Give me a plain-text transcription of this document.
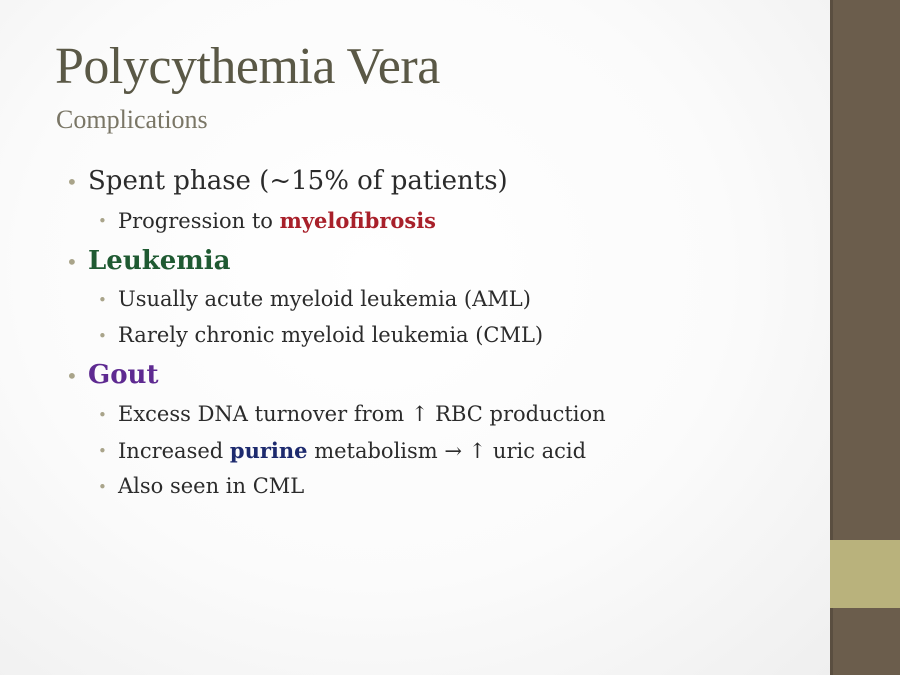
Polycythemia Vera
Complications
• Spent phase (~15% of patients)
• Progression to myelofibrosis
• Leukemia
• Usually acute myeloid leukemia (AML)
• Rarely chronic myeloid leukemia (CML)
• Gout
• Excess DNA turnover from ↑ RBC production
• Increased purine metabolism → ↑ uric acid
• Also seen in CML
